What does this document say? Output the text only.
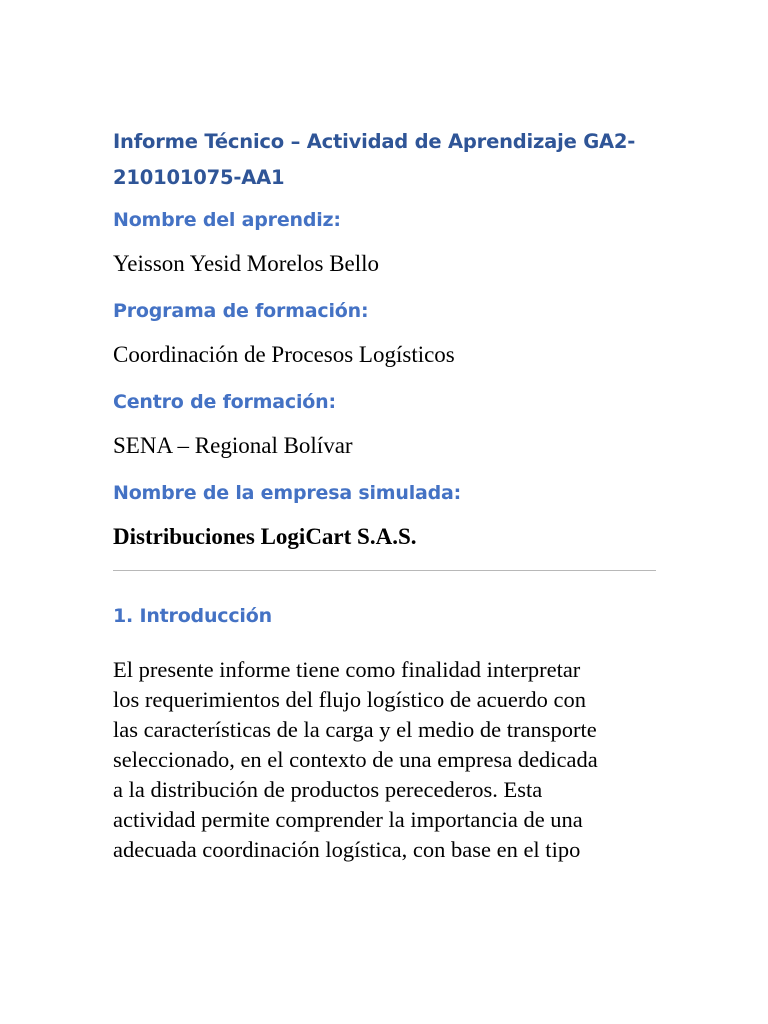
Informe Técnico – Actividad de Aprendizaje GA2-
210101075-AA1

Nombre del aprendiz:

Yeisson Yesid Morelos Bello

Programa de formación:

Coordinación de Procesos Logísticos

Centro de formación:

SENA – Regional Bolívar

Nombre de la empresa simulada:

Distribuciones LogiCart S.A.S.

1. Introducción

El presente informe tiene como finalidad interpretar
los requerimientos del flujo logístico de acuerdo con
las características de la carga y el medio de transporte
seleccionado, en el contexto de una empresa dedicada
a la distribución de productos perecederos. Esta
actividad permite comprender la importancia de una
adecuada coordinación logística, con base en el tipo
